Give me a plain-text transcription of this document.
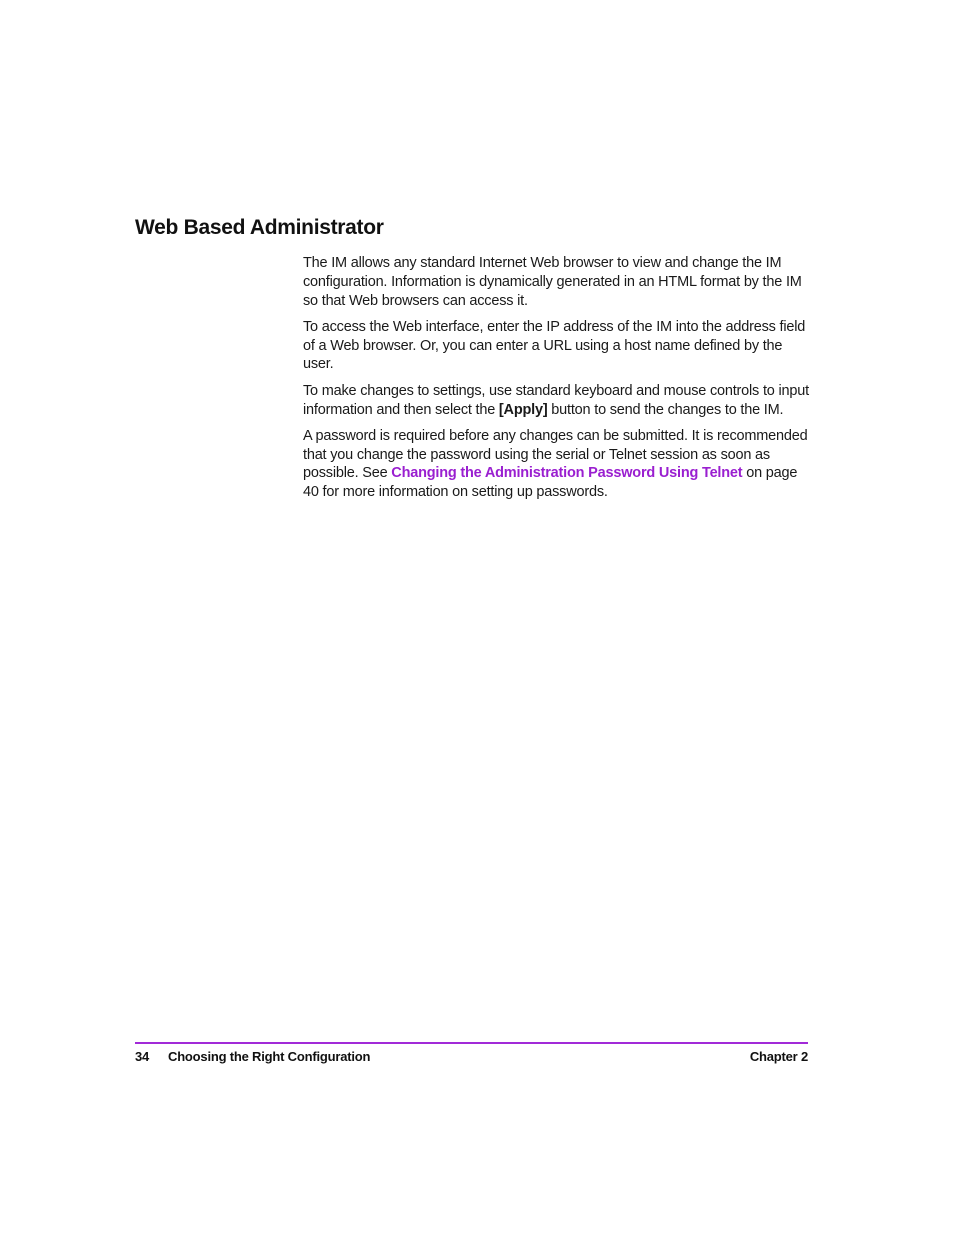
Web Based Administrator

The IM allows any standard Internet Web browser to view and change the IM configuration. Information is dynamically generated in an HTML format by the IM so that Web browsers can access it.

To access the Web interface, enter the IP address of the IM into the address field of a Web browser. Or, you can enter a URL using a host name defined by the user.

To make changes to settings, use standard keyboard and mouse controls to input information and then select the [Apply] button to send the changes to the IM.

A password is required before any changes can be submitted. It is recommended that you change the password using the serial or Telnet session as soon as possible. See Changing the Administration Password Using Telnet on page 40 for more information on setting up passwords.

34 Choosing the Right Configuration	Chapter 2
